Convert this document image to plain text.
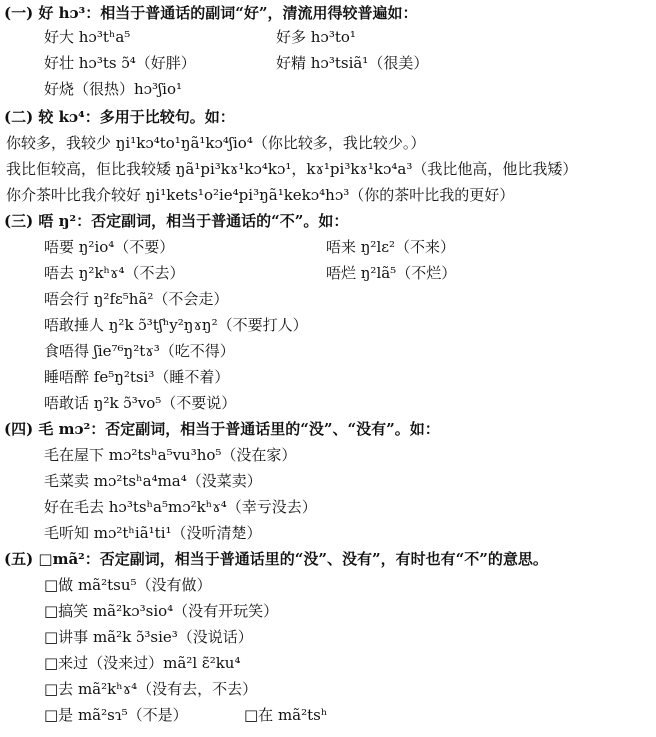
(一) 好 hɔ³：相当于普通话的副词“好”，清流用得较普遍如：
好大 hɔ³tʰa⁵	好多 hɔ³to¹
好壮 hɔ³ts ɔ̃⁴（好胖）	好精 hɔ³tsiã¹（很美）
好烧（很热）hɔ³ʃio¹
(二) 较 kɔ⁴：多用于比较句。如：
你较多，我较少 ŋi¹kɔ⁴to¹ŋã¹kɔ⁴ʃio⁴（你比较多，我比较少。）
我比佢较高，佢比我较矮 ŋã¹pi³kɤ¹kɔ⁴kɔ¹，kɤ¹pi³kɤ¹kɔ⁴a³（我比他高，他比我矮）
你介茶叶比我介较好 ŋi¹kets¹o²ie⁴pi³ŋã¹kekɔ⁴hɔ³（你的茶叶比我的更好）
(三) 唔 ŋ²：否定副词，相当于普通话的“不”。如：
唔要 ŋ²io⁴（不要）	唔来 ŋ²lɛ²（不来）
唔去 ŋ²kʰɤ⁴（不去）	唔烂 ŋ²lã⁵（不烂）
唔会行 ŋ²fɛ⁵hã²（不会走）
唔敢捶人 ŋ²k ɔ̃³tʃʰy²ŋɤŋ²（不要打人）
食唔得 ʃie⁷⁶ŋ²tɤ³（吃不得）
睡唔醉 fe⁵ŋ²tsi³（睡不着）
唔敢话 ŋ²k ɔ̃³vo⁵（不要说）
(四) 毛 mɔ²：否定副词，相当于普通话里的“没”、“没有”。如：
毛在屋下 mɔ²tsʰa⁵vu³ho⁵（没在家）
毛菜卖 mɔ²tsʰa⁴ma⁴（没菜卖）
好在毛去 hɔ³tsʰa⁵mɔ²kʰɤ⁴（幸亏没去）
毛听知 mɔ²tʰiã¹ti¹（没听清楚）
(五) □mã²：否定副词，相当于普通话里的“没”、没有”，有时也有“不”的意思。
□做 mã²tsu⁵（没有做）
□搞笑 mã²kɔ³sio⁴（没有开玩笑）
□讲事 mã²k ɔ̃³sie³（没说话）
□来过（没来过）mã²l ɛ̃²ku⁴
□去 mã²kʰɤ⁴（没有去，不去）
□是 mã²sɿ⁵（不是）	□在 mã²tsʰ
